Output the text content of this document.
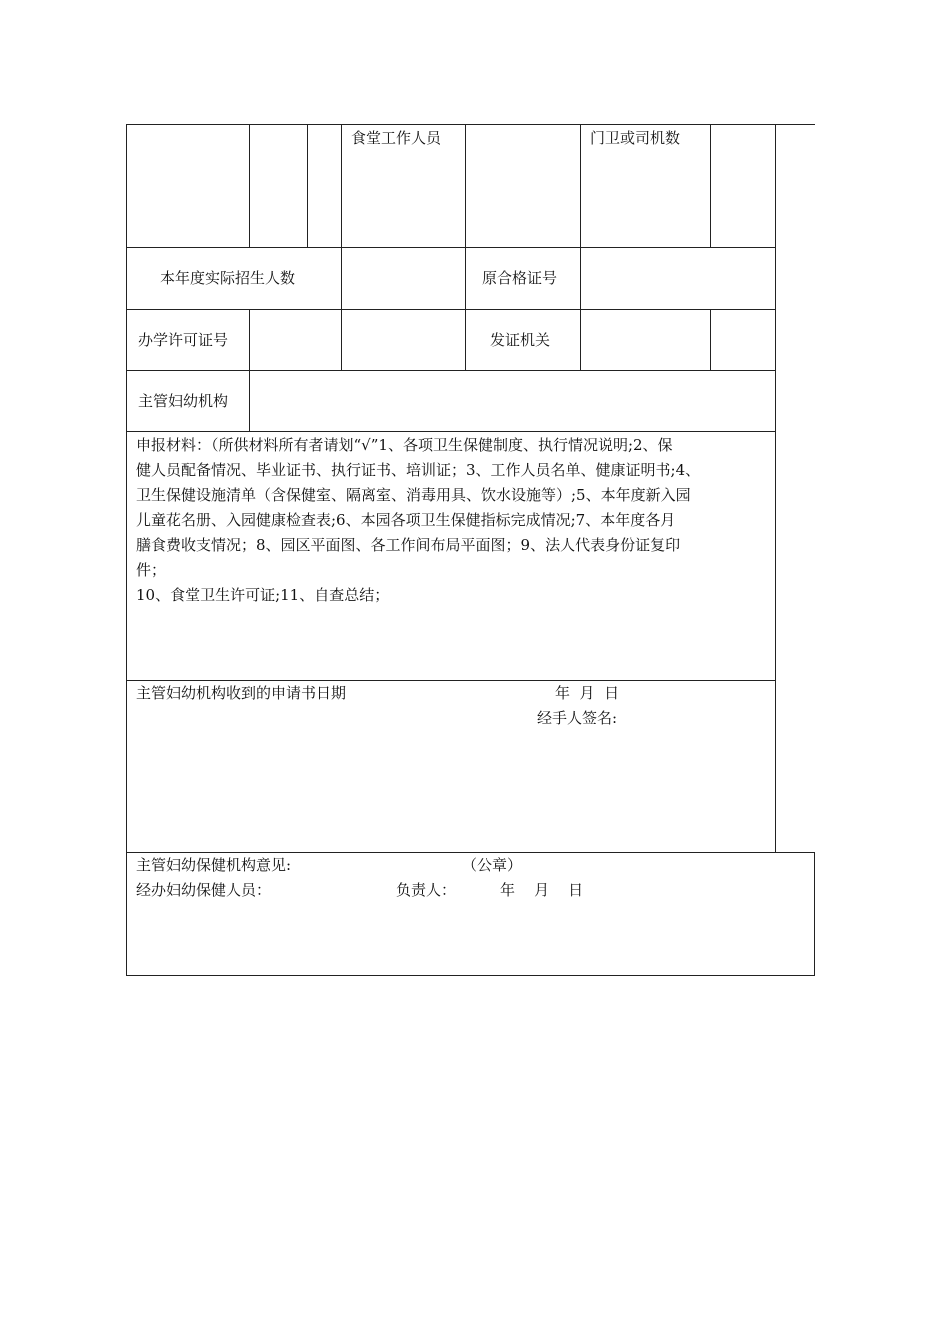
食堂工作人员	门卫或司机数
本年度实际招生人数	原合格证号
办学许可证号	发证机关
主管妇幼机构
申报材料：（所供材料所有者请划“√”1、各项卫生保健制度、执行情况说明;2、保
健人员配备情况、毕业证书、执行证书、培训证；3、工作人员名单、健康证明书;4、
卫生保健设施清单（含保健室、隔离室、消毒用具、饮水设施等）;5、本年度新入园
儿童花名册、入园健康检查表;6、本园各项卫生保健指标完成情况;7、本年度各月
膳食费收支情况；8、园区平面图、各工作间布局平面图；9、法人代表身份证复印
件；
10、食堂卫生许可证;11、自查总结；
主管妇幼机构收到的申请书日期	年  月  日
经手人签名:
主管妇幼保健机构意见:	（公章）
经办妇幼保健人员：	负责人：	年    月    日
